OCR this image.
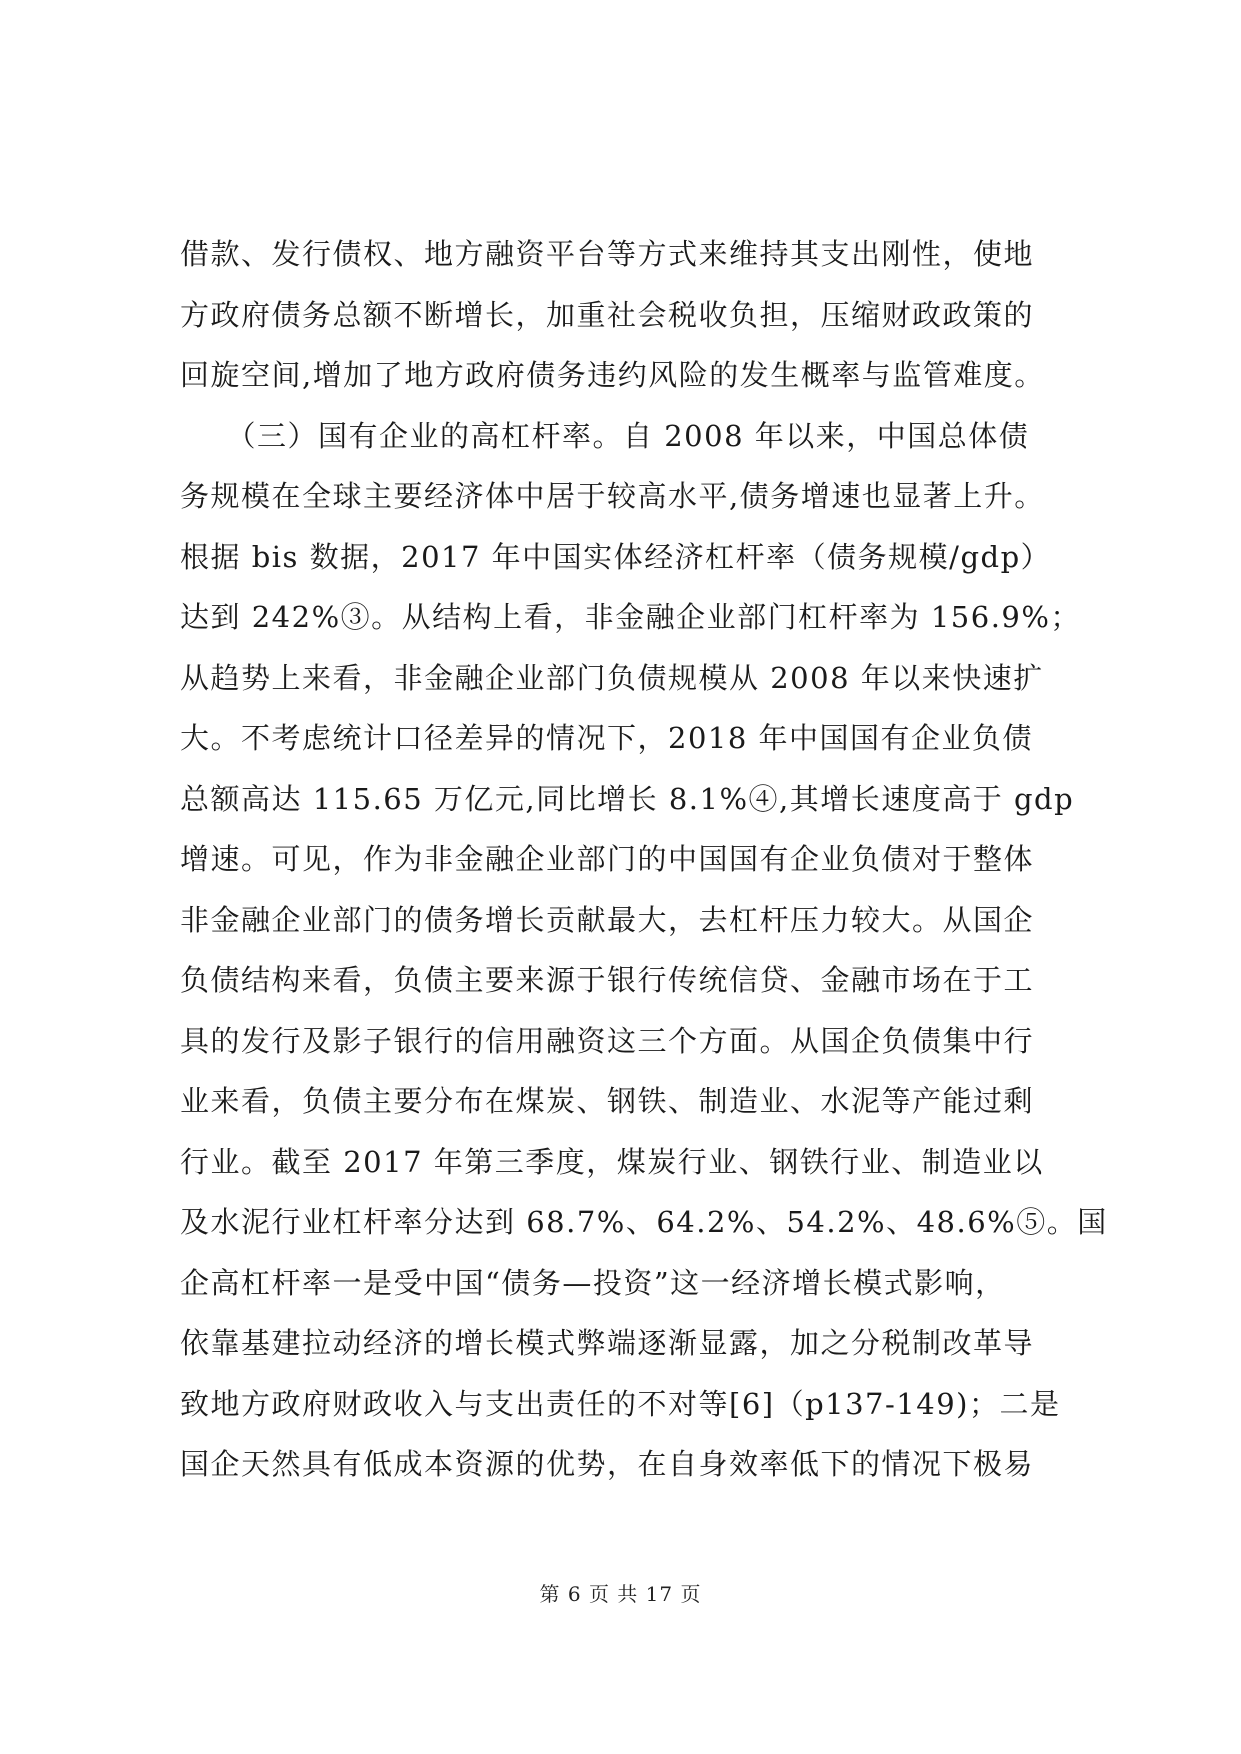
借款、发行债权、地方融资平台等方式来维持其支出刚性，使地
方政府债务总额不断增长，加重社会税收负担，压缩财政政策的
回旋空间,增加了地方政府债务违约风险的发生概率与监管难度。
　　（三）国有企业的高杠杆率。自 2008 年以来，中国总体债
务规模在全球主要经济体中居于较高水平,债务增速也显著上升。
根据 bis 数据，2017 年中国实体经济杠杆率（债务规模/gdp）
达到 242%③。从结构上看，非金融企业部门杠杆率为 156.9%；
从趋势上来看，非金融企业部门负债规模从 2008 年以来快速扩
大。不考虑统计口径差异的情况下，2018 年中国国有企业负债
总额高达 115.65 万亿元,同比增长 8.1%④,其增长速度高于 gdp
增速。可见，作为非金融企业部门的中国国有企业负债对于整体
非金融企业部门的债务增长贡献最大，去杠杆压力较大。从国企
负债结构来看，负债主要来源于银行传统信贷、金融市场在于工
具的发行及影子银行的信用融资这三个方面。从国企负债集中行
业来看，负债主要分布在煤炭、钢铁、制造业、水泥等产能过剩
行业。截至 2017 年第三季度，煤炭行业、钢铁行业、制造业以
及水泥行业杠杆率分达到 68.7%、64.2%、54.2%、48.6%⑤。国
企高杠杆率一是受中国“债务—投资”这一经济增长模式影响，
依靠基建拉动经济的增长模式弊端逐渐显露，加之分税制改革导
致地方政府财政收入与支出责任的不对等[6]（p137-149)；二是
国企天然具有低成本资源的优势，在自身效率低下的情况下极易
第 6 页 共 17 页
